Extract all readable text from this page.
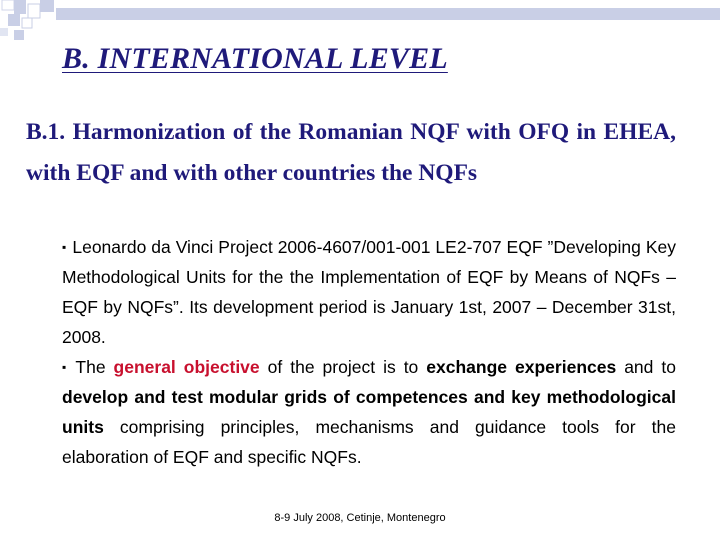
B. INTERNATIONAL LEVEL
B.1. Harmonization of the Romanian NQF with OFQ in EHEA, with EQF and with other countries the NQFs

▪ Leonardo da Vinci Project 2006-4607/001-001 LE2-707 EQF ”Developing Key Methodological Units for the the Implementation of EQF by Means of NQFs – EQF by NQFs”. Its development period is January 1st, 2007 – December 31st, 2008.

▪ The general objective of the project is to exchange experiences and to develop and test modular grids of competences and key methodological units comprising principles, mechanisms and guidance tools for the elaboration of EQF and specific NQFs.

8-9 July 2008, Cetinje, Montenegro
